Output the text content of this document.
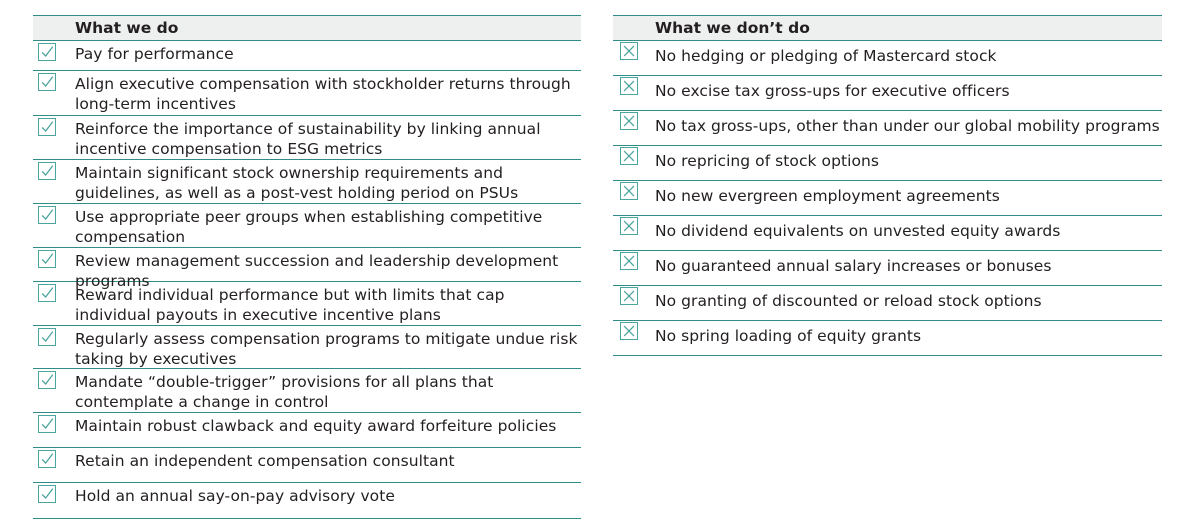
What we do
Pay for performance
Align executive compensation with stockholder returns through long-term incentives
Reinforce the importance of sustainability by linking annual incentive compensation to ESG metrics
Maintain significant stock ownership requirements and guidelines, as well as a post-vest holding period on PSUs
Use appropriate peer groups when establishing competitive compensation
Review management succession and leadership development programs
Reward individual performance but with limits that cap individual payouts in executive incentive plans
Regularly assess compensation programs to mitigate undue risk taking by executives
Mandate “double-trigger” provisions for all plans that contemplate a change in control
Maintain robust clawback and equity award forfeiture policies
Retain an independent compensation consultant
Hold an annual say-on-pay advisory vote
What we don’t do
No hedging or pledging of Mastercard stock
No excise tax gross-ups for executive officers
No tax gross-ups, other than under our global mobility programs
No repricing of stock options
No new evergreen employment agreements
No dividend equivalents on unvested equity awards
No guaranteed annual salary increases or bonuses
No granting of discounted or reload stock options
No spring loading of equity grants
